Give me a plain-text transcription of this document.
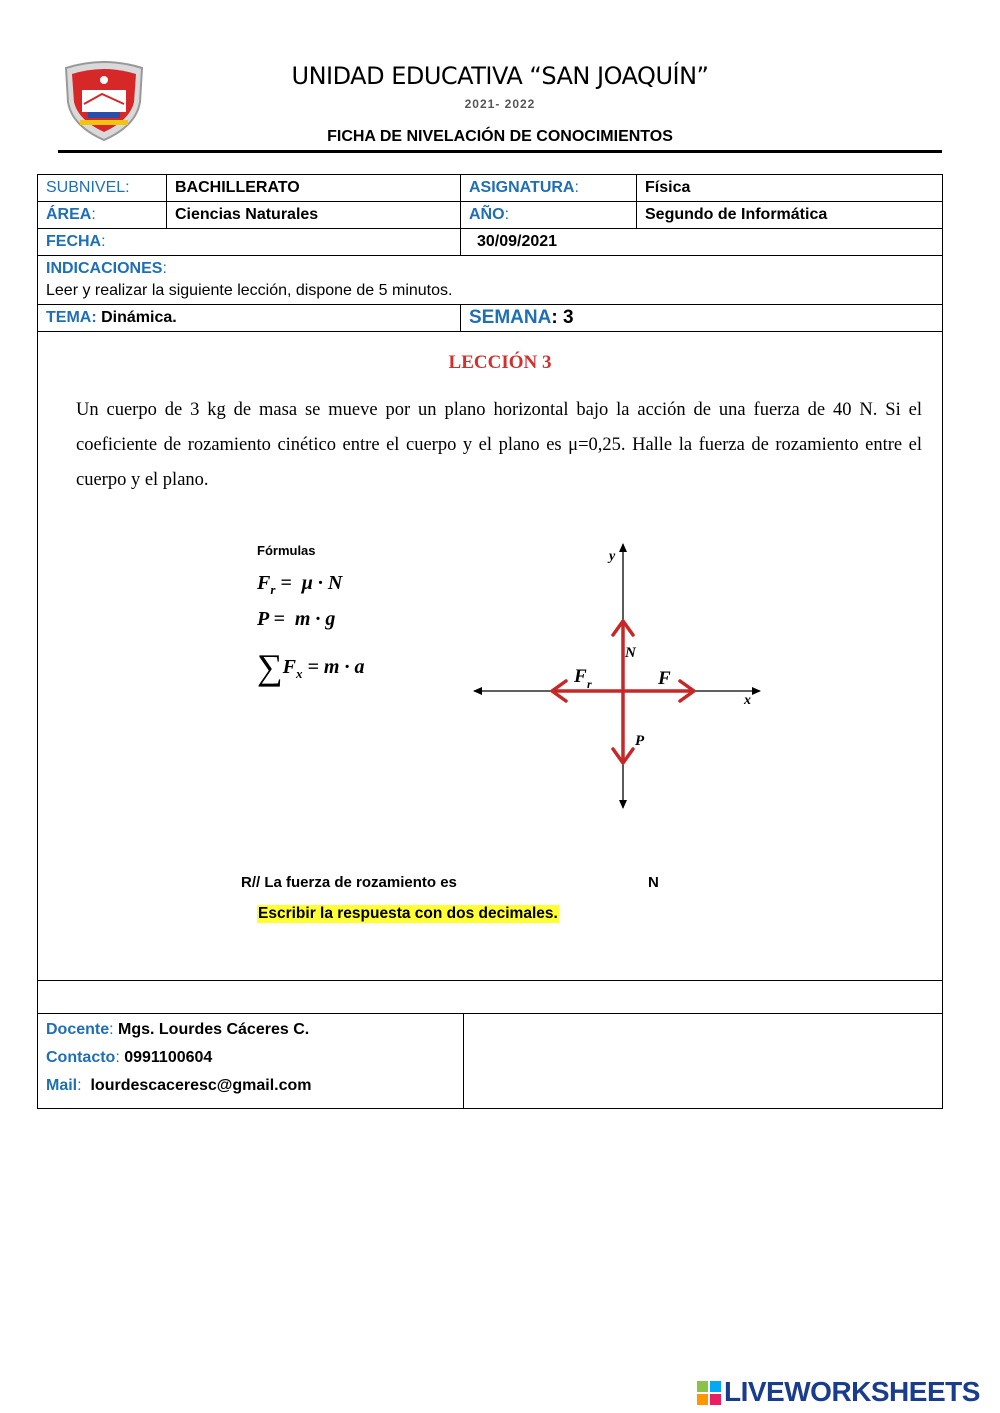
UNIDAD EDUCATIVA “SAN JOAQUÍN”
2021- 2022
FICHA DE NIVELACIÓN DE CONOCIMIENTOS
SUBNIVEL:	BACHILLERATO	ASIGNATURA:	Física
ÁREA:	Ciencias Naturales	AÑO:	Segundo de Informática
FECHA:		30/09/2021	

INDICACIONES:
Leer y realizar la siguiente lección, dispone de 5 minutos.			

TEMA: Dinámica.		SEMANA: 3	
LECCIÓN 3
Un cuerpo de 3 kg de masa se mueve por un plano horizontal bajo la acción de una fuerza de 40 N. Si el coeficiente de rozamiento cinético entre el cuerpo y el plano es μ=0,25. Halle la fuerza de rozamiento entre el cuerpo y el plano.
Fórmulas
$F_r = \mu \cdot N$
P =  m · g
$\sum F_x = m \cdot a$
y
x
N
P
F
F r
R// La fuerza de rozamiento es	N
Escribir la respuesta con dos decimales.
Docente: Mgs. Lourdes Cáceres C.
Contacto: 0991100604
Mail:  lourdescaceresc@gmail.com

LIVEWORKSHEETS
